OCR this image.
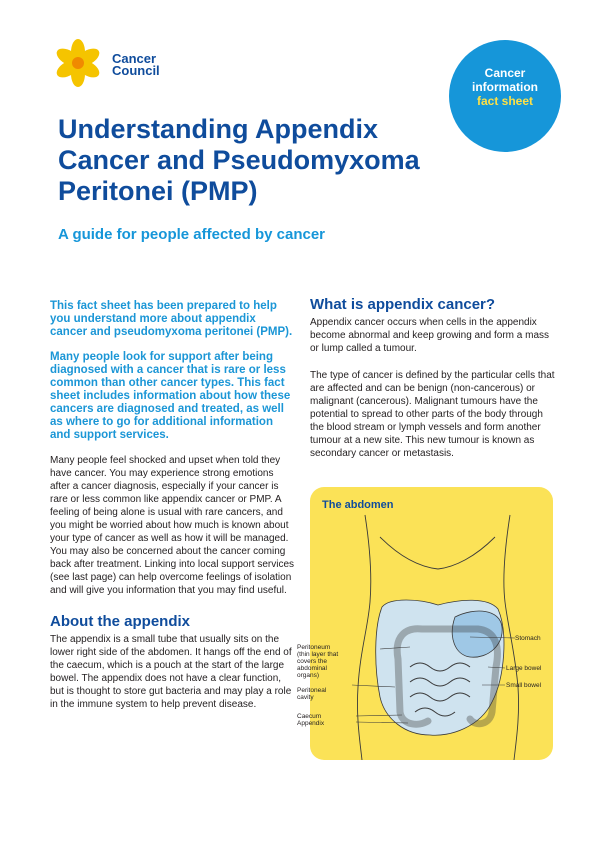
Cancer
Council	Cancer
information
fact sheet
Understanding Appendix Cancer and Pseudomyxoma Peritonei (PMP)
A guide for people affected by cancer

This fact sheet has been prepared to help you understand more about appendix cancer and pseudomyxoma peritonei (PMP).

Many people look for support after being diagnosed with a cancer that is rare or less common than other cancer types. This fact sheet includes information about how these cancers are diagnosed and treated, as well as where to go for additional information and support services.

Many people feel shocked and upset when told they have cancer. You may experience strong emotions after a cancer diagnosis, especially if your cancer is rare or less common like appendix cancer or PMP. A feeling of being alone is usual with rare cancers, and you might be worried about how much is known about your type of cancer as well as how it will be managed. You may also be concerned about the cancer coming back after treatment. Linking into local support services (see last page) can help overcome feelings of isolation and will give you information that you may find useful.

About the appendix

The appendix is a small tube that usually sits on the lower right side of the abdomen. It hangs off the end of the caecum, which is a pouch at the start of the large bowel. The appendix does not have a clear function, but is thought to store gut bacteria and may play a role in the immune system to help prevent disease.

What is appendix cancer?

Appendix cancer occurs when cells in the appendix become abnormal and keep growing and form a mass or lump called a tumour.

The type of cancer is defined by the particular cells that are affected and can be benign (non-cancerous) or malignant (cancerous). Malignant tumours have the potential to spread to other parts of the body through the blood stream or lymph vessels and form another tumour at a new site. This new tumour is known as secondary cancer or metastasis.

The abdomen
Peritoneum
(thin layer that
covers the
abdominal
organs)
Peritoneal
cavity
Caecum
Appendix
Stomach
Large bowel
Small bowel
